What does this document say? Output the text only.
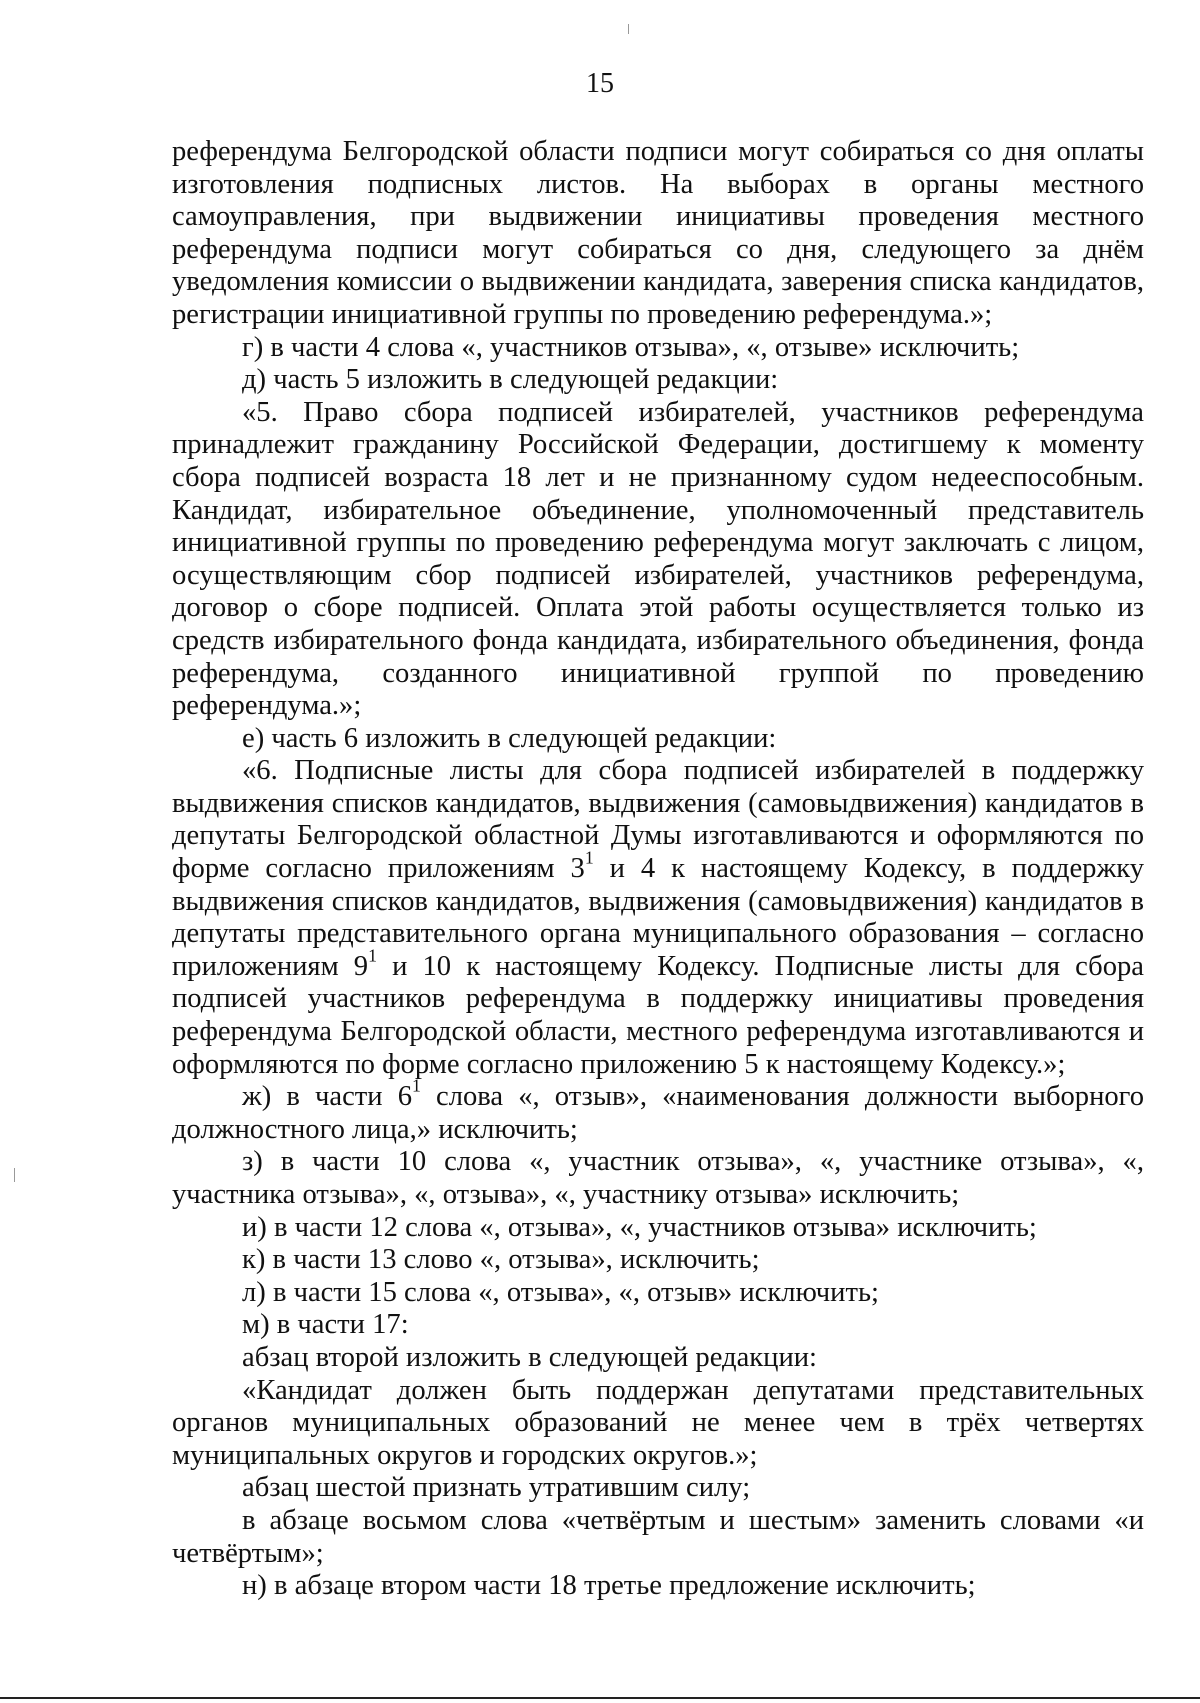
15

референдума Белгородской области подписи могут собираться со дня оплаты изготовления подписных листов. На выборах в органы местного самоуправления, при выдвижении инициативы проведения местного референдума подписи могут собираться со дня, следующего за днём уведомления комиссии о выдвижении кандидата, заверения списка кандидатов, регистрации инициативной группы по проведению референдума.»;

г) в части 4 слова «, участников отзыва», «, отзыве» исключить;

д) часть 5 изложить в следующей редакции:

«5. Право сбора подписей избирателей, участников референдума принадлежит гражданину Российской Федерации, достигшему к моменту сбора подписей возраста 18 лет и не признанному судом недееспособным. Кандидат, избирательное объединение, уполномоченный представитель инициативной группы по проведению референдума могут заключать с лицом, осуществляющим сбор подписей избирателей, участников референдума, договор о сборе подписей. Оплата этой работы осуществляется только из средств избирательного фонда кандидата, избирательного объединения, фонда референдума, созданного инициативной группой по проведению референдума.»;

е) часть 6 изложить в следующей редакции:

«6. Подписные листы для сбора подписей избирателей в поддержку выдвижения списков кандидатов, выдвижения (самовыдвижения) кандидатов в депутаты Белгородской областной Думы изготавливаются и оформляются по форме согласно приложениям $3^1$ и 4 к настоящему Кодексу, в поддержку выдвижения списков кандидатов, выдвижения (самовыдвижения) кандидатов в депутаты представительного органа муниципального образования – согласно приложениям $9^1$ и 10 к настоящему Кодексу. Подписные листы для сбора подписей участников референдума в поддержку инициативы проведения референдума Белгородской области, местного референдума изготавливаются и оформляются по форме согласно приложению 5 к настоящему Кодексу.»;

ж) в части $6^1$ слова «, отзыв», «наименования должности выборного должностного лица,» исключить;

з) в части 10 слова «, участник отзыва», «, участнике отзыва», «, участника отзыва», «, отзыва», «, участнику отзыва» исключить;

и) в части 12 слова «, отзыва», «, участников отзыва» исключить;

к) в части 13 слово «, отзыва», исключить;

л) в части 15 слова «, отзыва», «, отзыв» исключить;

м) в части 17:

абзац второй изложить в следующей редакции:

«Кандидат должен быть поддержан депутатами представительных органов муниципальных образований не менее чем в трёх четвертях муниципальных округов и городских округов.»;

абзац шестой признать утратившим силу;

в абзаце восьмом слова «четвёртым и шестым» заменить словами «и четвёртым»;

н) в абзаце втором части 18 третье предложение исключить;
